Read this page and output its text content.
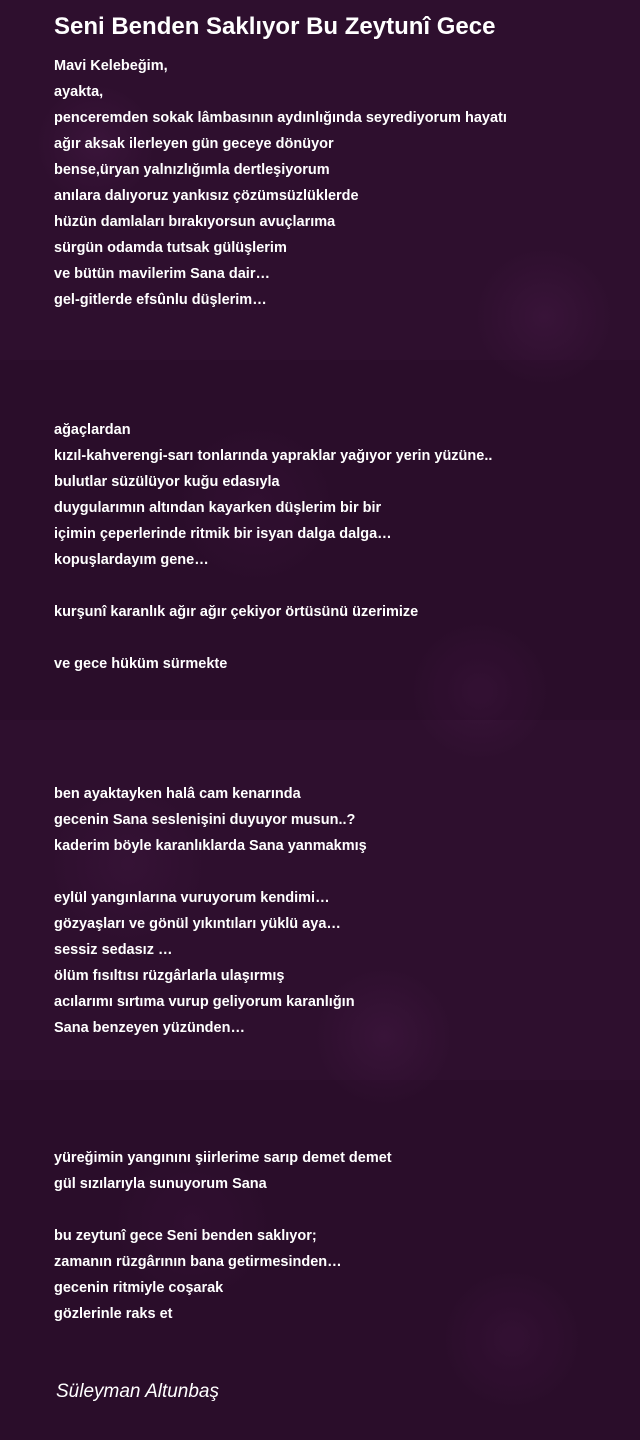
Seni Benden Saklıyor Bu Zeytunî Gece
Mavi Kelebeğim,
ayakta,
penceremden sokak lâmbasının aydınlığında seyrediyorum hayatı
ağır aksak ilerleyen gün geceye dönüyor
bense,üryan yalnızlığımla dertleşiyorum
anılara dalıyoruz yankısız çözümsüzlüklerde
hüzün damlaları bırakıyorsun avuçlarıma
sürgün odamda tutsak gülüşlerim
ve bütün mavilerim Sana dair…
gel-gitlerde efsûnlu düşlerim…
ağaçlardan
kızıl-kahverengi-sarı tonlarında yapraklar yağıyor yerin yüzüne..
bulutlar süzülüyor kuğu edasıyla
duygularımın altından kayarken düşlerim bir bir
içimin çeperlerinde ritmik bir isyan dalga dalga…
kopuşlardayım gene…
kurşunî karanlık ağır ağır çekiyor örtüsünü üzerimize
ve gece hüküm sürmekte
ben ayaktayken halâ cam kenarında
gecenin Sana seslenişini duyuyor musun..?
kaderim böyle karanlıklarda Sana yanmakmış
eylül yangınlarına vuruyorum kendimi…
gözyaşları ve gönül yıkıntıları yüklü aya…
sessiz sedasız …
ölüm fısıltısı rüzgârlarla ulaşırmış
acılarımı sırtıma vurup geliyorum karanlığın
Sana benzeyen yüzünden…
yüreğimin yangınını şiirlerime sarıp demet demet
gül sızılarıyla sunuyorum Sana
bu zeytunî gece Seni benden saklıyor;
zamanın rüzgârının bana getirmesinden…
gecenin ritmiyle coşarak
gözlerinle raks et
Süleyman Altunbaş
